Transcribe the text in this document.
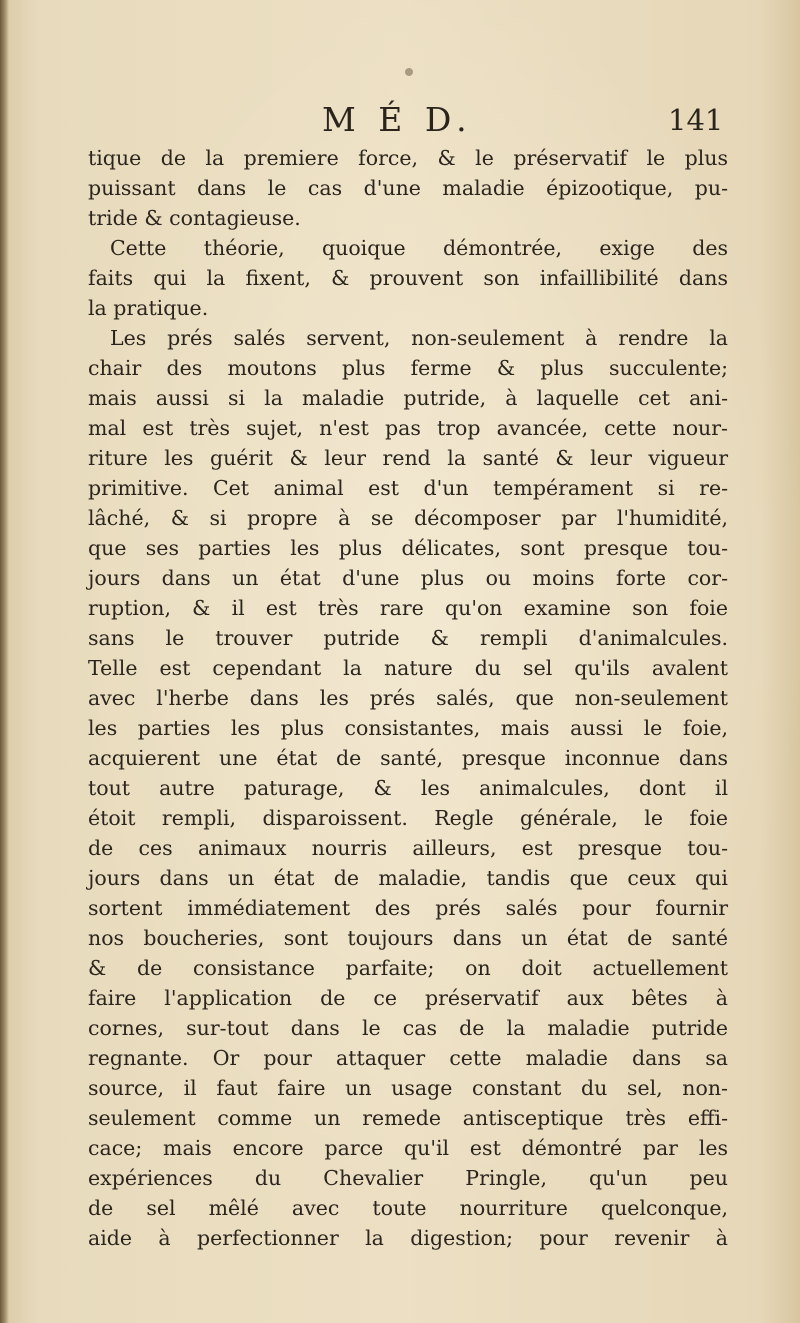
M É D.	141
tique de la premiere force, & le préservatif le plus
puissant dans le cas d'une maladie épizootique, pu-
tride & contagieuse.
Cette théorie, quoique démontrée, exige des
faits qui la fixent, & prouvent son infaillibilité dans
la pratique.
Les prés salés servent, non-seulement à rendre la
chair des moutons plus ferme & plus succulente;
mais aussi si la maladie putride, à laquelle cet ani-
mal est très sujet, n'est pas trop avancée, cette nour-
riture les guérit & leur rend la santé & leur vigueur
primitive. Cet animal est d'un tempérament si re-
lâché, & si propre à se décomposer par l'humidité,
que ses parties les plus délicates, sont presque tou-
jours dans un état d'une plus ou moins forte cor-
ruption, & il est très rare qu'on examine son foie
sans le trouver putride & rempli d'animalcules.
Telle est cependant la nature du sel qu'ils avalent
avec l'herbe dans les prés salés, que non-seulement
les parties les plus consistantes, mais aussi le foie,
acquierent une état de santé, presque inconnue dans
tout autre paturage, & les animalcules, dont il
étoit rempli, disparoissent. Regle générale, le foie
de ces animaux nourris ailleurs, est presque tou-
jours dans un état de maladie, tandis que ceux qui
sortent immédiatement des prés salés pour fournir
nos boucheries, sont toujours dans un état de santé
& de consistance parfaite; on doit actuellement
faire l'application de ce préservatif aux bêtes à
cornes, sur-tout dans le cas de la maladie putride
regnante. Or pour attaquer cette maladie dans sa
source, il faut faire un usage constant du sel, non-
seulement comme un remede antisceptique très effi-
cace; mais encore parce qu'il est démontré par les
expériences du Chevalier Pringle, qu'un peu
de sel mêlé avec toute nourriture quelconque,
aide à perfectionner la digestion; pour revenir à
